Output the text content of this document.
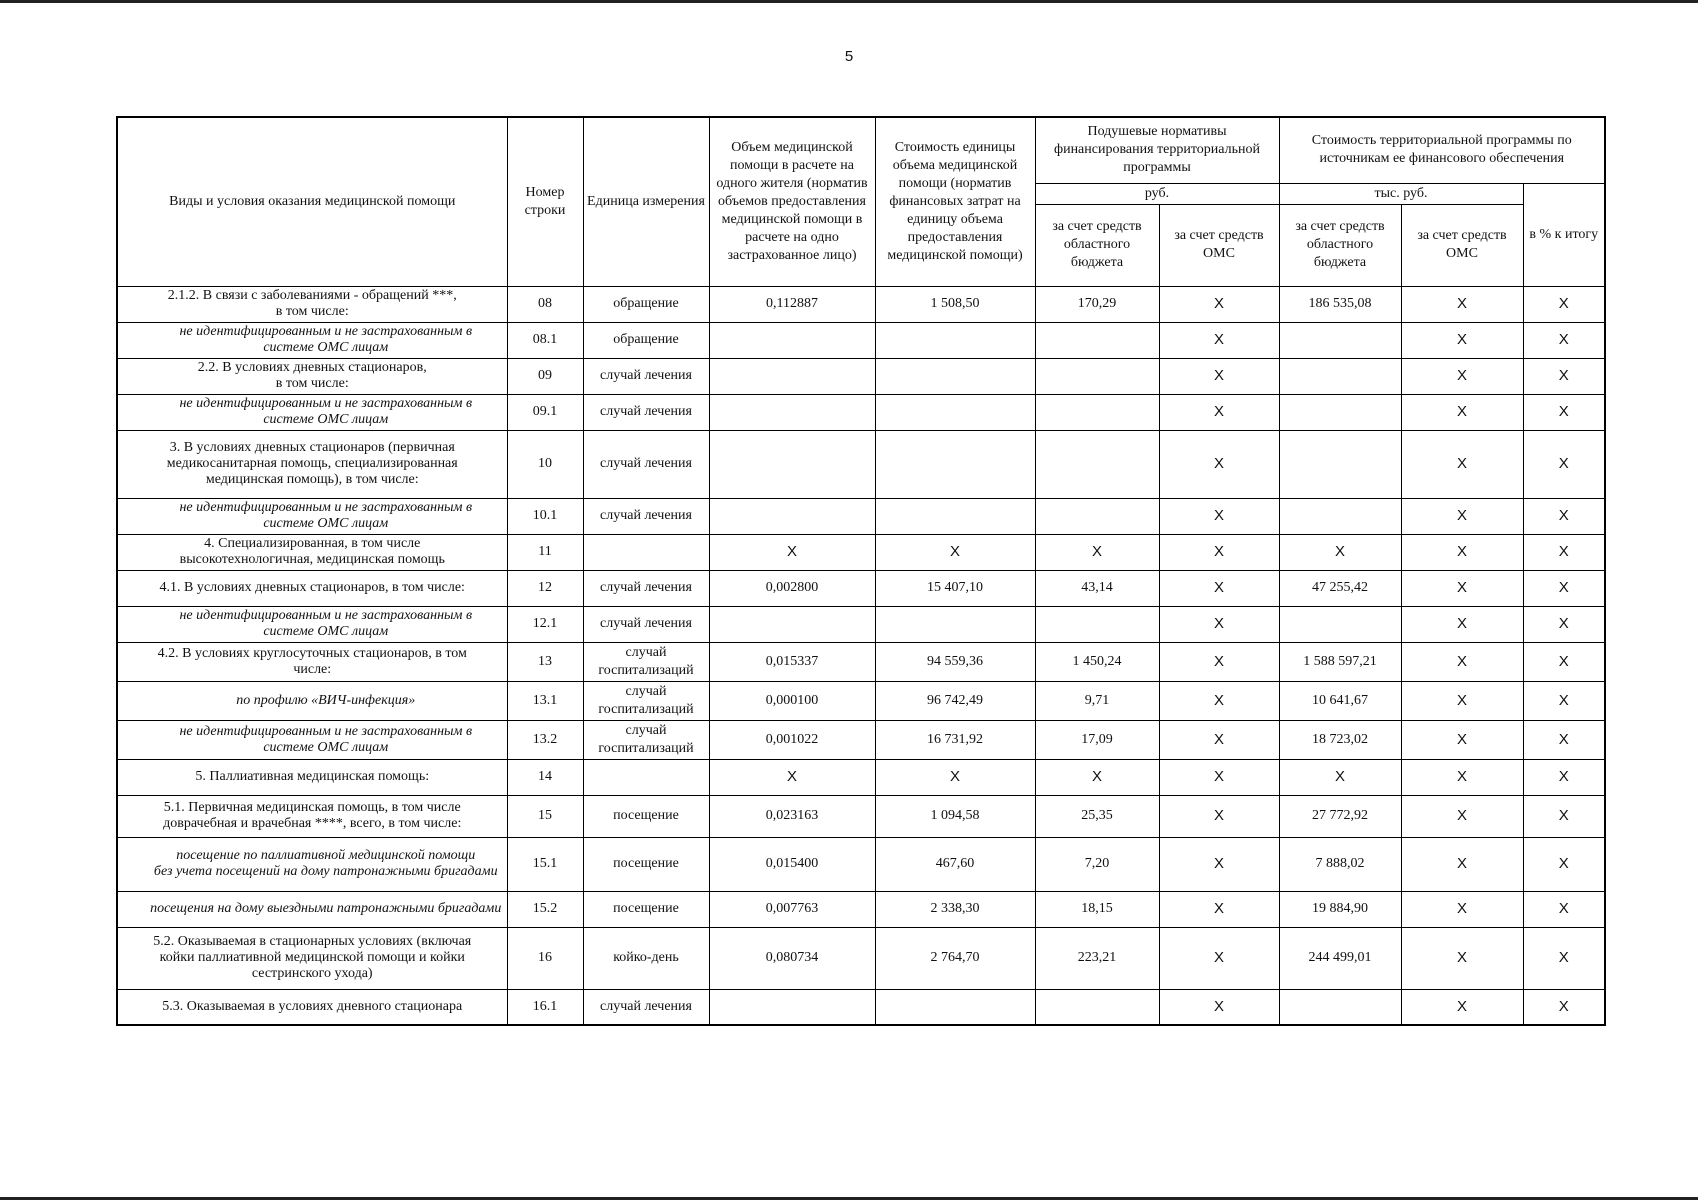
5
Виды и условия оказания медицинской помощи	Номер строки	Единица измерения	Объем медицинской помощи в расчете на одного жителя (норматив объемов предоставления медицинской помощи в расчете на одно застрахованное лицо)	Стоимость единицы объема медицинской помощи (норматив финансовых затрат на единицу объема предоставления медицинской помощи)	Подушевые нормативы финансирования территориальной программы		Стоимость территориальной программы по источникам ее финансового обеспечения		
					руб.		тыс. руб.		в % к итогу
					за счет средств областного бюджета	за счет средств ОМС	за счет средств областного бюджета	за счет средств ОМС	

2.1.2. В связи с заболеваниями - обращений ***,
в том числе:	08	обращение	0,112887	1 508,50	170,29	Х	186 535,08	Х	Х
не идентифицированным и не застрахованным в системе ОМС лицам	08.1	обращение				Х		Х	Х

2.2. В условиях дневных стационаров,
в том числе:	09	случай лечения				Х		Х	Х
не идентифицированным и не застрахованным в системе ОМС лицам	09.1	случай лечения				Х		Х	Х

3. В условиях дневных стационаров (первичная
медикосанитарная помощь, специализированная
медицинская помощь), в том числе:	10	случай лечения				Х		Х	Х
не идентифицированным и не застрахованным в системе ОМС лицам	10.1	случай лечения				Х		Х	Х

4. Специализированная, в том числе
высокотехнологичная, медицинская помощь	11		Х	Х	Х	Х	Х	Х	Х

4.1. В условиях дневных стационаров, в том числе:	12	случай лечения	0,002800	15 407,10	43,14	Х	47 255,42	Х	Х
не идентифицированным и не застрахованным в системе ОМС лицам	12.1	случай лечения				Х		Х	Х

4.2. В условиях круглосуточных стационаров, в том
числе:	13	случай госпитализаций	0,015337	94 559,36	1 450,24	Х	1 588 597,21	Х	Х
по профилю «ВИЧ-инфекция»	13.1	случай госпитализаций	0,000100	96 742,49	9,71	Х	10 641,67	Х	Х
не идентифицированным и не застрахованным в системе ОМС лицам	13.2	случай госпитализаций	0,001022	16 731,92	17,09	Х	18 723,02	Х	Х

5. Паллиативная медицинская помощь:	14		Х	Х	Х	Х	Х	Х	Х

5.1. Первичная медицинская помощь, в том числе
доврачебная и врачебная ****, всего, в том числе:	15	посещение	0,023163	1 094,58	25,35	Х	27 772,92	Х	Х
посещение по паллиативной медицинской помощи без учета посещений на дому патронажными бригадами	15.1	посещение	0,015400	467,60	7,20	Х	7 888,02	Х	Х
посещения на дому выездными патронажными бригадами	15.2	посещение	0,007763	2 338,30	18,15	Х	19 884,90	Х	Х

5.2. Оказываемая в стационарных условиях (включая
койки паллиативной медицинской помощи и койки
сестринского ухода)	16	койко-день	0,080734	2 764,70	223,21	Х	244 499,01	Х	Х

5.3. Оказываемая в условиях дневного стационара	16.1	случай лечения				Х		Х	Х
